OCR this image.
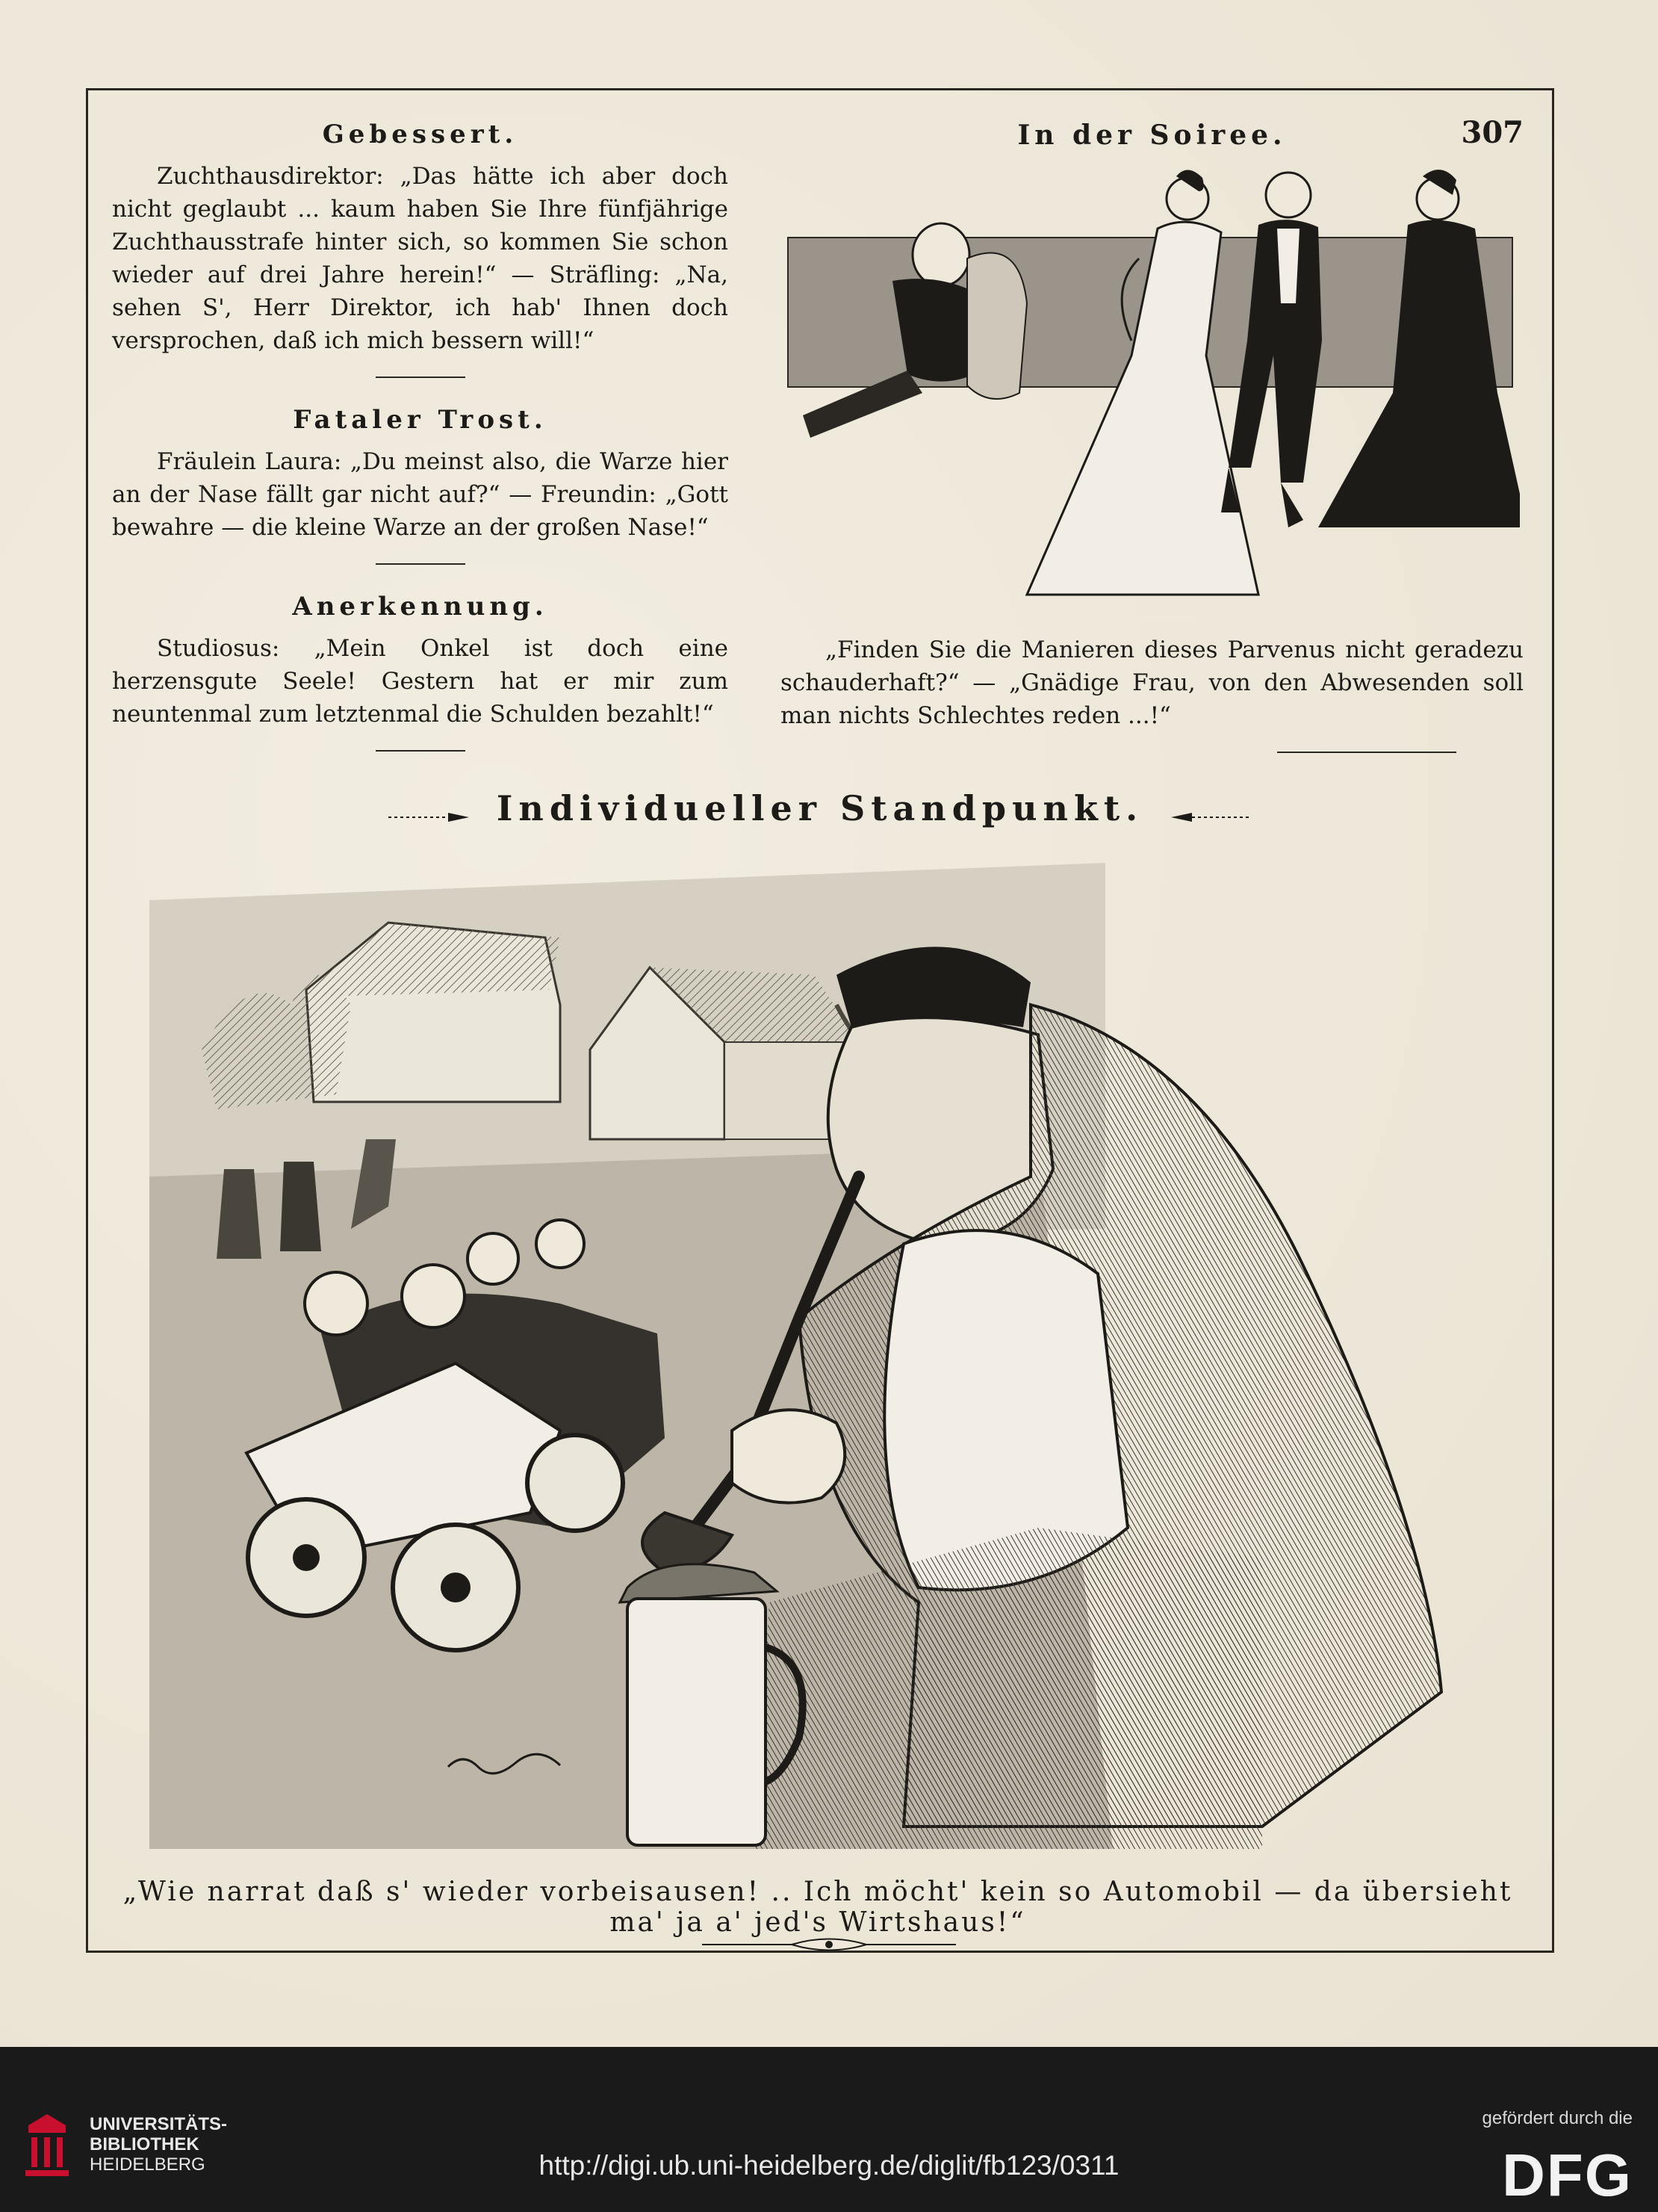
Gebessert.

Zuchthausdirektor: „Das hätte ich aber doch nicht geglaubt ... kaum haben Sie Ihre fünfjährige Zuchthausstrafe hinter sich, so kommen Sie schon wieder auf drei Jahre herein!“ — Sträfling: „Na, sehen S', Herr Direktor, ich hab' Ihnen doch versprochen, daß ich mich bessern will!“

Fataler Trost.

Fräulein Laura: „Du meinst also, die Warze hier an der Nase fällt gar nicht auf?“ — Freundin: „Gott bewahre — die kleine Warze an der großen Nase!“

Anerkennung.

Studiosus: „Mein Onkel ist doch eine herzensgute Seele! Gestern hat er mir zum neuntenmal zum letztenmal die Schulden bezahlt!“

In der Soiree.	307

„Finden Sie die Manieren dieses Parvenus nicht geradezu schauderhaft?“ — „Gnädige Frau, von den Abwesenden soll man nichts Schlechtes reden ...!“

Individueller Standpunkt.
„Wie narrat daß s' wieder vorbeisausen! .. Ich möcht' kein so Automobil — da übersieht ma' ja a' jed's Wirtshaus!“
UNIVERSITÄTS-
BIBLIOTHEK
HEIDELBERG	http://digi.ub.uni-heidelberg.de/diglit/fb123/0311
gefördert durch die
DFG
